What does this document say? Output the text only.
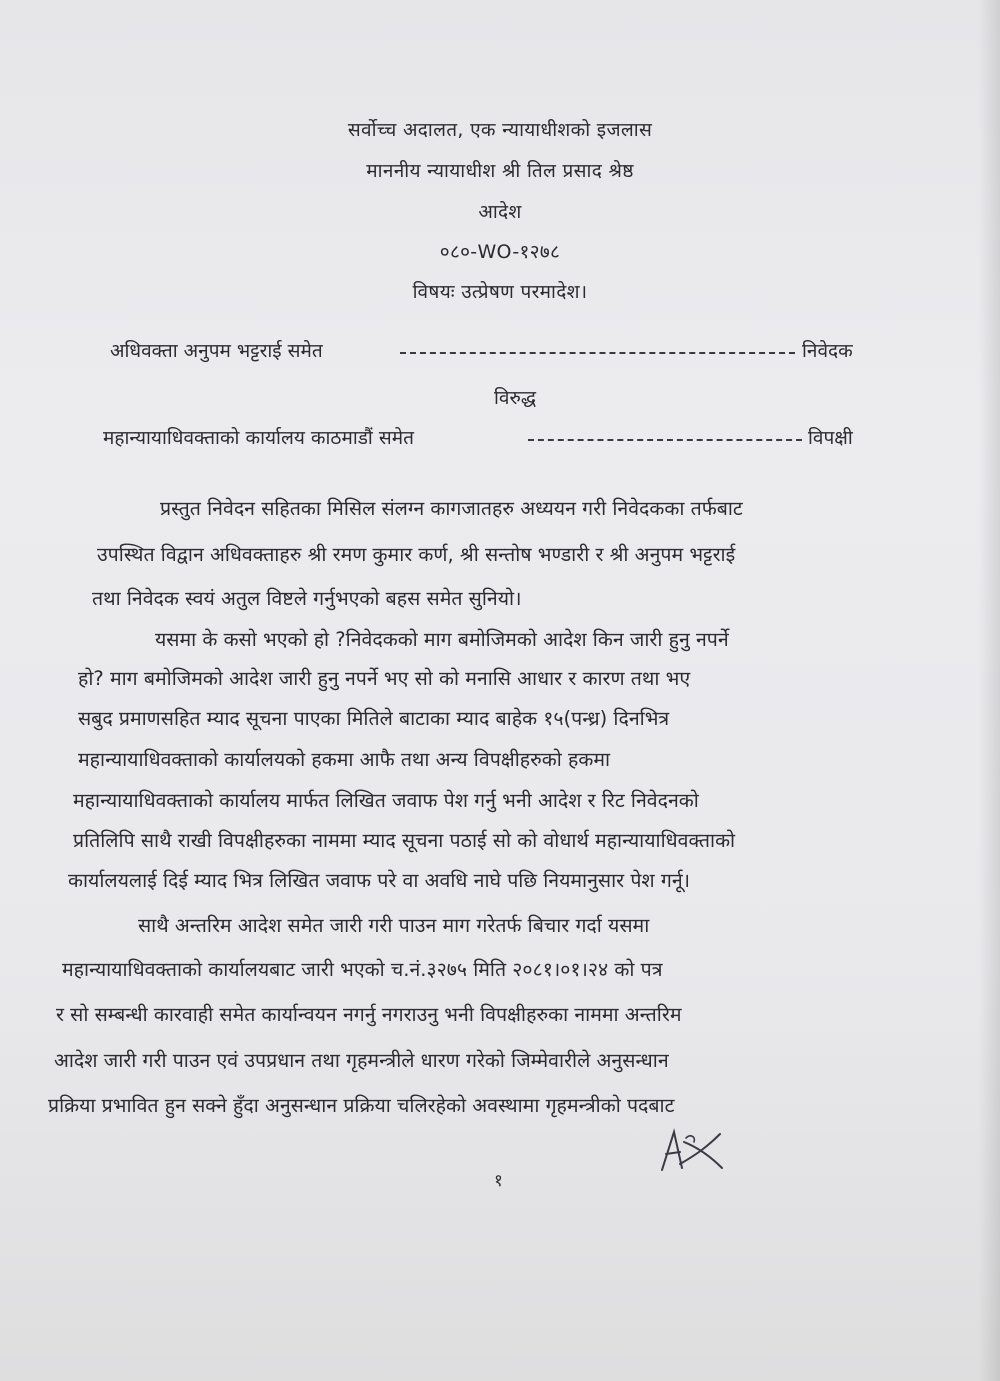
सर्वोच्च अदालत, एक न्यायाधीशको इजलास
माननीय न्यायाधीश श्री तिल प्रसाद श्रेष्ठ
आदेश
०८०-WO-१२७८
विषयः उत्प्रेषण परमादेश।
अधिवक्ता अनुपम भट्टराई समेत	निवेदक
विरुद्ध
महान्यायाधिवक्ताको कार्यालय काठमाडौं समेत	विपक्षी
प्रस्तुत निवेदन सहितका मिसिल संलग्न कागजातहरु अध्ययन गरी निवेदकका तर्फबाट
उपस्थित विद्वान अधिवक्ताहरु श्री रमण कुमार कर्ण, श्री सन्तोष भण्डारी र श्री अनुपम भट्टराई
तथा निवेदक स्वयं अतुल विष्टले गर्नुभएको बहस समेत सुनियो।
यसमा के कसो भएको हो ?निवेदकको माग बमोजिमको आदेश किन जारी हुनु नपर्ने
हो? माग बमोजिमको आदेश जारी हुनु नपर्ने भए सो को मनासि आधार र कारण तथा भए
सबुद प्रमाणसहित म्याद सूचना पाएका मितिले बाटाका म्याद बाहेक १५(पन्ध्र) दिनभित्र
महान्यायाधिवक्ताको कार्यालयको हकमा आफै तथा अन्य विपक्षीहरुको हकमा
महान्यायाधिवक्ताको कार्यालय मार्फत लिखित जवाफ पेश गर्नु भनी आदेश र रिट निवेदनको
प्रतिलिपि साथै राखी विपक्षीहरुका नाममा म्याद सूचना पठाई सो को वोधार्थ महान्यायाधिवक्ताको
कार्यालयलाई दिई म्याद भित्र लिखित जवाफ परे वा अवधि नाघे पछि नियमानुसार पेश गर्नू।
साथै अन्तरिम आदेश समेत जारी गरी पाउन माग गरेतर्फ बिचार गर्दा यसमा
महान्यायाधिवक्ताको कार्यालयबाट जारी भएको च.नं.३२७५ मिति २०८१।०१।२४ को पत्र
र सो सम्बन्धी कारवाही समेत कार्यान्वयन नगर्नु नगराउनु भनी विपक्षीहरुका नाममा अन्तरिम
आदेश जारी गरी पाउन एवं उपप्रधान तथा गृहमन्त्रीले धारण गरेको जिम्मेवारीले अनुसन्धान
प्रक्रिया प्रभावित हुन सक्ने हुँदा अनुसन्धान प्रक्रिया चलिरहेको अवस्थामा गृहमन्त्रीको पदबाट
१
